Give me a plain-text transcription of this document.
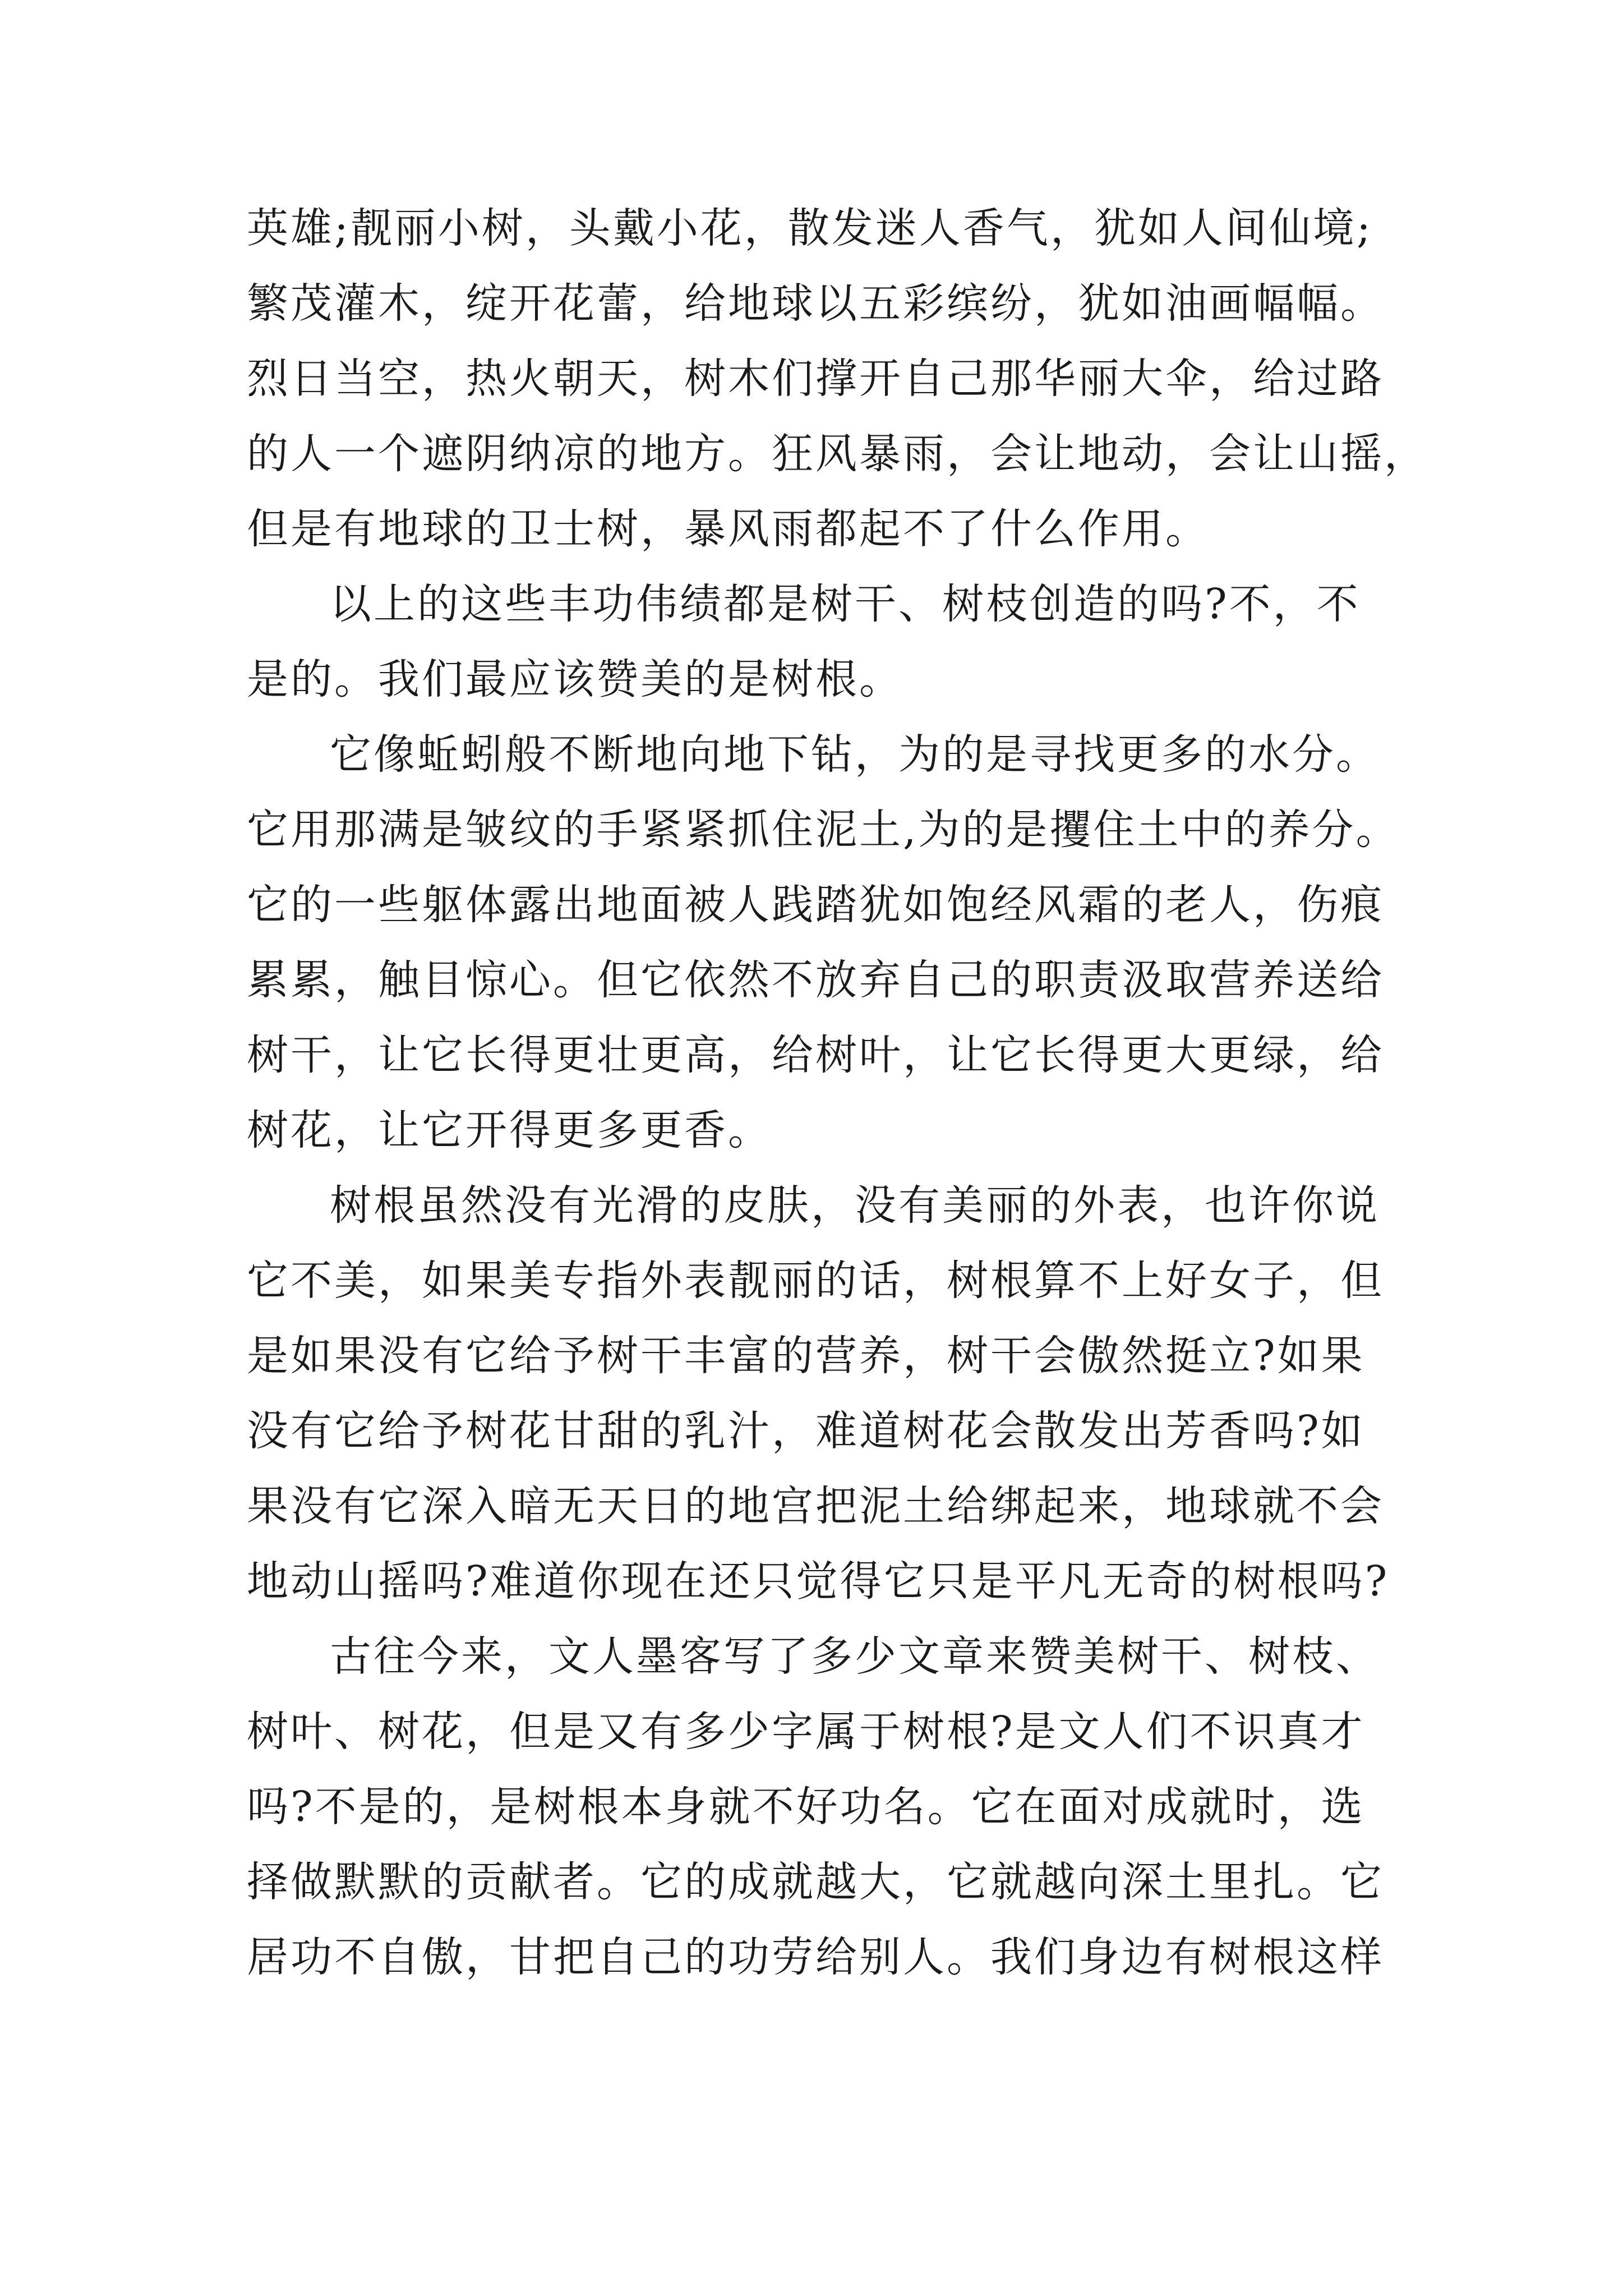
英雄;靓丽小树，头戴小花，散发迷人香气，犹如人间仙境;
繁茂灌木，绽开花蕾，给地球以五彩缤纷，犹如油画幅幅。
烈日当空，热火朝天，树木们撑开自己那华丽大伞，给过路
的人一个遮阴纳凉的地方。狂风暴雨，会让地动，会让山摇，
但是有地球的卫士树，暴风雨都起不了什么作用。
以上的这些丰功伟绩都是树干、树枝创造的吗?不，不
是的。我们最应该赞美的是树根。
它像蚯蚓般不断地向地下钻，为的是寻找更多的水分。
它用那满是皱纹的手紧紧抓住泥土,为的是攫住土中的养分。
它的一些躯体露出地面被人践踏犹如饱经风霜的老人，伤痕
累累，触目惊心。但它依然不放弃自己的职责汲取营养送给
树干，让它长得更壮更高，给树叶，让它长得更大更绿，给
树花，让它开得更多更香。
树根虽然没有光滑的皮肤，没有美丽的外表，也许你说
它不美，如果美专指外表靓丽的话，树根算不上好女子，但
是如果没有它给予树干丰富的营养，树干会傲然挺立?如果
没有它给予树花甘甜的乳汁，难道树花会散发出芳香吗?如
果没有它深入暗无天日的地宫把泥土给绑起来，地球就不会
地动山摇吗?难道你现在还只觉得它只是平凡无奇的树根吗?
古往今来，文人墨客写了多少文章来赞美树干、树枝、
树叶、树花，但是又有多少字属于树根?是文人们不识真才
吗?不是的，是树根本身就不好功名。它在面对成就时，选
择做默默的贡献者。它的成就越大，它就越向深土里扎。它
居功不自傲，甘把自己的功劳给别人。我们身边有树根这样
